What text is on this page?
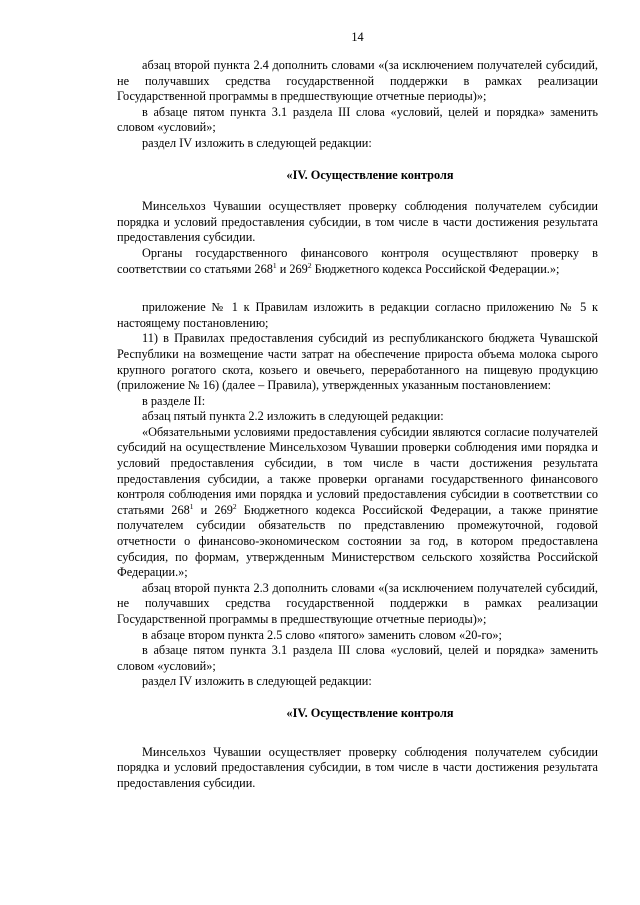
14

абзац второй пункта 2.4 дополнить словами «(за исключением получателей субсидий, не получавших средства государственной поддержки в рамках реализации Государственной программы в предшествующие отчетные периоды)»;

в абзаце пятом пункта 3.1 раздела III слова «условий, целей и порядка» заменить словом «условий»;

раздел IV изложить в следующей редакции:

«IV. Осуществление контроля

Минсельхоз Чувашии осуществляет проверку соблюдения получателем субсидии порядка и условий предоставления субсидии, в том числе в части достижения результата предоставления субсидии.

Органы государственного финансового контроля осуществляют проверку в соответствии со статьями $268^1$ и $269^2$ Бюджетного кодекса Российской Федерации.»;

приложение № 1 к Правилам изложить в редакции согласно приложению № 5 к настоящему постановлению;

11) в Правилах предоставления субсидий из республиканского бюджета Чувашской Республики на возмещение части затрат на обеспечение прироста объема молока сырого крупного рогатого скота, козьего и овечьего, переработанного на пищевую продукцию (приложение № 16) (далее – Правила), утвержденных указанным постановлением:

в разделе II:

абзац пятый пункта 2.2 изложить в следующей редакции:

«Обязательными условиями предоставления субсидии являются согласие получателей субсидий на осуществление Минсельхозом Чувашии проверки соблюдения ими порядка и условий предоставления субсидии, в том числе в части достижения результата предоставления субсидии, а также проверки органами государственного финансового контроля соблюдения ими порядка и условий предоставления субсидии в соответствии со статьями $268^1$ и $269^2$ Бюджетного кодекса Российской Федерации, а также принятие получателем субсидии обязательств по представлению промежуточной, годовой отчетности о финансово-экономическом состоянии за год, в котором предоставлена субсидия, по формам, утвержденным Министерством сельского хозяйства Российской Федерации.»;

абзац второй пункта 2.3 дополнить словами «(за исключением получателей субсидий, не получавших средства государственной поддержки в рамках реализации Государственной программы в предшествующие отчетные периоды)»;

в абзаце втором пункта 2.5 слово «пятого» заменить словом «20-го»;

в абзаце пятом пункта 3.1 раздела III слова «условий, целей и порядка» заменить словом «условий»;

раздел IV изложить в следующей редакции:

«IV. Осуществление контроля

Минсельхоз Чувашии осуществляет проверку соблюдения получателем субсидии порядка и условий предоставления субсидии, в том числе в части достижения результата предоставления субсидии.
